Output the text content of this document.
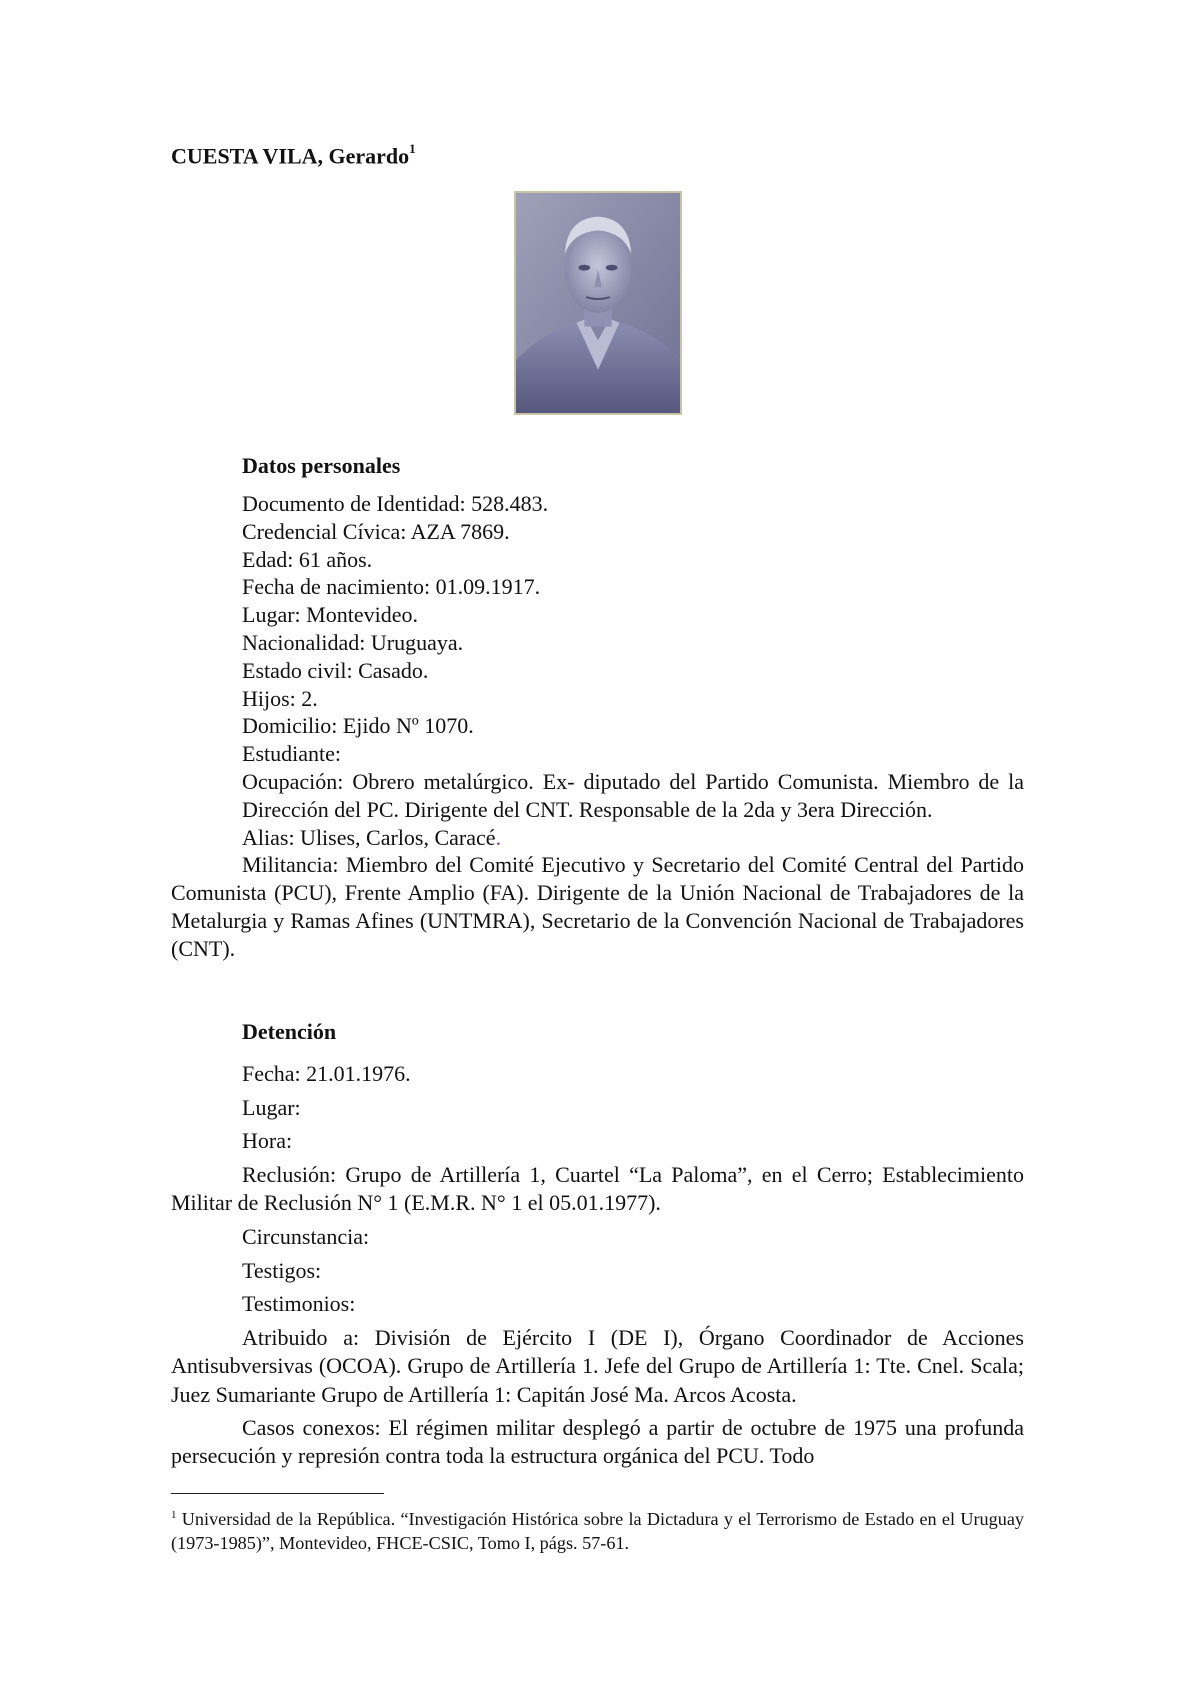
CUESTA VILA, Gerardo$^1$
Datos personales

Documento de Identidad: 528.483.

Credencial Cívica: AZA 7869.

Edad: 61 años.

Fecha de nacimiento: 01.09.1917.

Lugar: Montevideo.

Nacionalidad: Uruguaya.

Estado civil: Casado.

Hijos: 2.

Domicilio: Ejido Nº 1070.

Estudiante:

Ocupación: Obrero metalúrgico. Ex- diputado del Partido Comunista. Miembro de la Dirección del PC. Dirigente del CNT. Responsable de la 2da y 3era Dirección.

Alias: Ulises, Carlos, Caracé.

Militancia: Miembro del Comité Ejecutivo y Secretario del Comité Central del Partido Comunista (PCU), Frente Amplio (FA). Dirigente de la Unión Nacional de Trabajadores de la Metalurgia y Ramas Afines (UNTMRA), Secretario de la Convención Nacional de Trabajadores (CNT).

Detención

Fecha: 21.01.1976.

Lugar:

Hora:

Reclusión: Grupo de Artillería 1, Cuartel “La Paloma”, en el Cerro; Establecimiento Militar de Reclusión N° 1 (E.M.R. N° 1 el 05.01.1977).

Circunstancia:

Testigos:

Testimonios:

Atribuido a: División de Ejército I (DE I), Órgano Coordinador de Acciones Antisubversivas (OCOA). Grupo de Artillería 1. Jefe del Grupo de Artillería 1: Tte. Cnel. Scala; Juez Sumariante Grupo de Artillería 1: Capitán José Ma. Arcos Acosta.

Casos conexos: El régimen militar desplegó a partir de octubre de 1975 una profunda persecución y represión contra toda la estructura orgánica del PCU. Todo

$^1$ Universidad de la República. “Investigación Histórica sobre la Dictadura y el Terrorismo de Estado en el Uruguay (1973-1985)”, Montevideo, FHCE-CSIC, Tomo I, págs. 57-61.
